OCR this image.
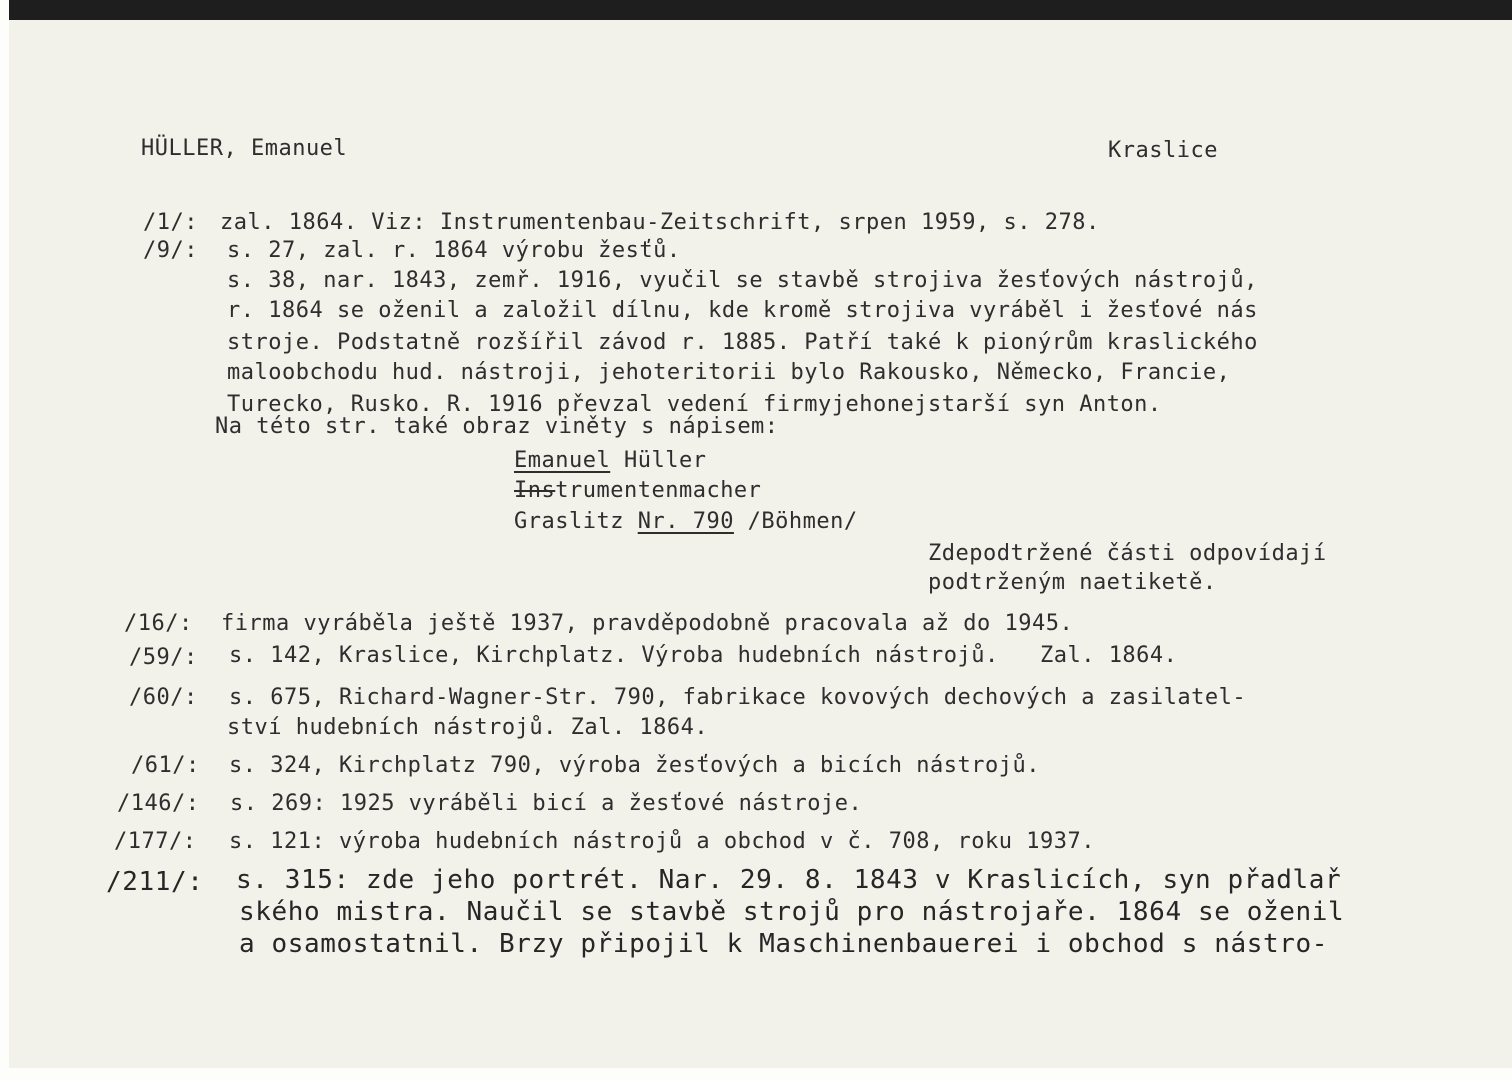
HÜLLER, Emanuel	Kraslice
/1/: zal. 1864. Viz: Instrumentenbau-Zeitschrift, srpen 1959, s. 278.
/9/: s. 27, zal. r. 1864 výrobu žesťů.
s. 38, nar. 1843, zemř. 1916, vyučil se stavbě strojiva žesťových nástrojů,
r. 1864 se oženil a založil dílnu, kde kromě strojiva vyráběl i žesťové nás
stroje. Podstatně rozšířil závod r. 1885. Patří také k pionýrům kraslického
maloobchodu hud. nástroji, jehoteritorii bylo Rakousko, Německo, Francie,
Turecko, Rusko. R. 1916 převzal vedení firmyjehonejstarší syn Anton.
Na této str. také obraz viněty s nápisem:
Emanuel Hüller
Instrumentenmacher
Graslitz Nr. 790 /Böhmen/
Zdepodtržené části odpovídají
podtrženým naetiketě.
/16/: firma vyráběla ještě 1937, pravděpodobně pracovala až do 1945.
/59/: s. 142, Kraslice, Kirchplatz. Výroba hudebních nástrojů.   Zal. 1864.
/60/: s. 675, Richard-Wagner-Str. 790, fabrikace kovových dechových a zasilatel-
ství hudebních nástrojů. Zal. 1864.
/61/: s. 324, Kirchplatz 790, výroba žesťových a bicích nástrojů.
/146/: s. 269: 1925 vyráběli bicí a žesťové nástroje.
/177/: s. 121: výroba hudebních nástrojů a obchod v č. 708, roku 1937.
/211/: s. 315: zde jeho portrét. Nar. 29. 8. 1843 v Kraslicích, syn přadlař
ského mistra. Naučil se stavbě strojů pro nástrojaře. 1864 se oženil
a osamostatnil. Brzy připojil k Maschinenbauerei i obchod s nástro-
